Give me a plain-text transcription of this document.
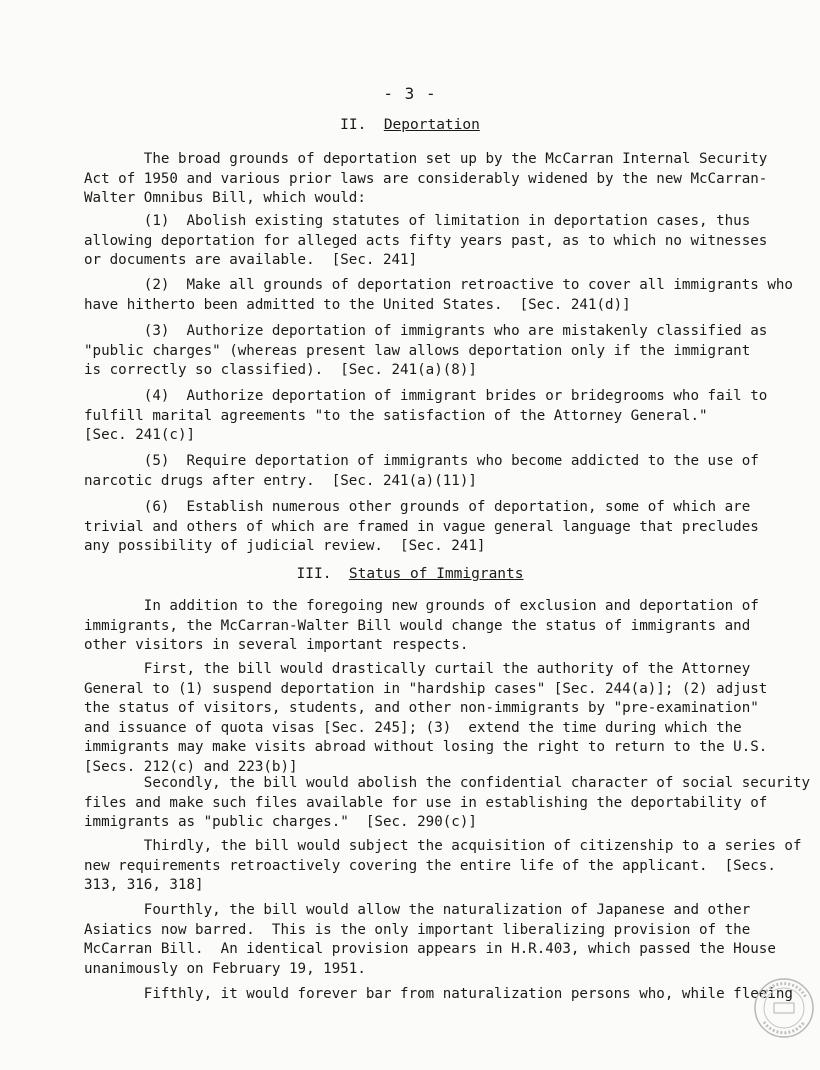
- 3 -
II. Deportation
The broad grounds of deportation set up by the McCarran Internal Security
Act of 1950 and various prior laws are considerably widened by the new McCarran-
Walter Omnibus Bill, which would:
(1)  Abolish existing statutes of limitation in deportation cases, thus
allowing deportation for alleged acts fifty years past, as to which no witnesses
or documents are available.  [Sec. 241]
(2)  Make all grounds of deportation retroactive to cover all immigrants who
have hitherto been admitted to the United States.  [Sec. 241(d)]
(3)  Authorize deportation of immigrants who are mistakenly classified as
"public charges" (whereas present law allows deportation only if the immigrant
is correctly so classified).  [Sec. 241(a)(8)]
(4)  Authorize deportation of immigrant brides or bridegrooms who fail to
fulfill marital agreements "to the satisfaction of the Attorney General."
[Sec. 241(c)]
(5)  Require deportation of immigrants who become addicted to the use of
narcotic drugs after entry.  [Sec. 241(a)(11)]
(6)  Establish numerous other grounds of deportation, some of which are
trivial and others of which are framed in vague general language that precludes
any possibility of judicial review.  [Sec. 241]
III. Status of Immigrants
In addition to the foregoing new grounds of exclusion and deportation of
immigrants, the McCarran-Walter Bill would change the status of immigrants and
other visitors in several important respects.
First, the bill would drastically curtail the authority of the Attorney
General to (1) suspend deportation in "hardship cases" [Sec. 244(a)]; (2) adjust
the status of visitors, students, and other non-immigrants by "pre-examination"
and issuance of quota visas [Sec. 245]; (3)  extend the time during which the
immigrants may make visits abroad without losing the right to return to the U.S.
[Secs. 212(c) and 223(b)]
Secondly, the bill would abolish the confidential character of social security
files and make such files available for use in establishing the deportability of
immigrants as "public charges."  [Sec. 290(c)]
Thirdly, the bill would subject the acquisition of citizenship to a series of
new requirements retroactively covering the entire life of the applicant.  [Secs.
313, 316, 318]
Fourthly, the bill would allow the naturalization of Japanese and other
Asiatics now barred.  This is the only important liberalizing provision of the
McCarran Bill.  An identical provision appears in H.R.403, which passed the House
unanimously on February 19, 1951.
Fifthly, it would forever bar from naturalization persons who, while fleeing
